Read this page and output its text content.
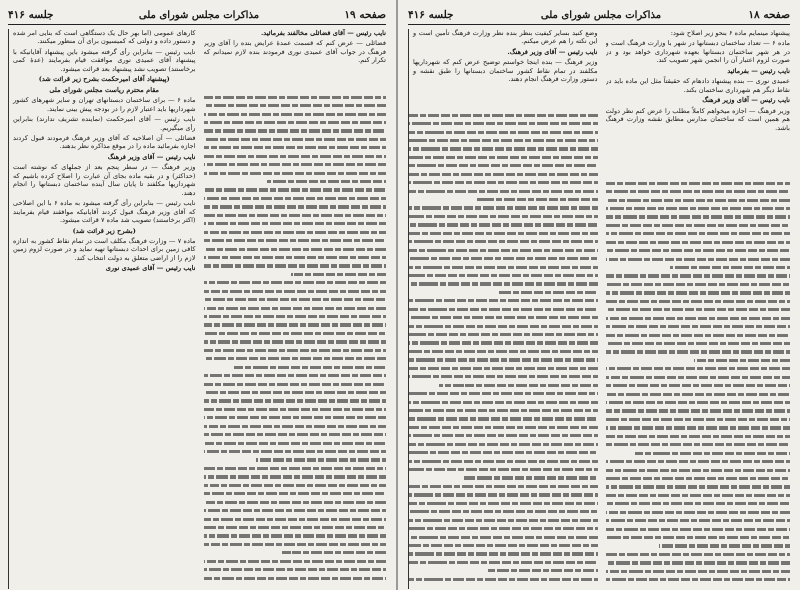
صفحه ۱۹
مذاکرات مجلس شورای ملی
جلسه ۴۱۶

نایب رئیس — آقای فضائلی مخالفند بفرمائید.

فضائلی — عرض کنم که قسمت عمدهٔ عرایض بنده را آقای وزیر فرهنگ در جواب آقای عمیدی نوری فرمودند بنده لازم نمیدانم که تکرار کنم.

کارهای عمومی (اما بهر حال یک دستگاهی است که بنایی امر شده و دستور داده و دولتی که کمیسیون برای آن منظور میکنند.

نایب رئیس — بنابراین رأی گرفته میشود باین پیشنهاد آقایانیکه با پیشنهاد آقای عمیدی نوری موافقت قیام بفرمایند (عدهٔ کمی برخاستند) تصویب نشد پیشنهاد بعد قرائت میشود.

(پیشنهاد آقای امیرحکمت بشرح زیر قرائت شد)

مقام محترم ریاست مجلس شورای ملی

ماده ۶ — برای ساختمان دبستانهای تهران و سایر شهرهای کشور شهرداریها باید اعتبار لازم را در بودجه پیش بینی نمایند.

نایب رئیس — آقای امیرحکمت (نماینده تشریف ندارند) بنابراین رأی میگیریم.

فضائلی — آن اصلاحیه که آقای وزیر فرهنگ فرمودند قبول کردند اجازه بفرمائید ماده را در موقع مذاکره نظر بدهند.

نایب رئیس — آقای وزیر فرهنگ

وزیر فرهنگ — در سطر پنجم بعد از جملهای که نوشته است (حداکثر) و در بقیه ماده بجای آن عبارت را اصلاح کرده باشیم که شهرداریها مکلفند تا پایان سال آینده ساختمان دبستانها را انجام دهند.

نایب رئیس — بنابراین رأی گرفته میشود به ماده ۶ با این اصلاحی که آقای وزیر فرهنگ قبول کردند آقایانیکه موافقند قیام بفرمایند (اکثر برخاستند) تصویب شد ماده ۷ قرائت میشود.

(بشرح زیر قرائت شد)

ماده ۷ — وزارت فرهنگ مکلف است در تمام نقاط کشور به اندازه کافی زمین برای احداث دبستانها تهیه نماید و در صورت لزوم زمین لازم را از اراضی متعلق به دولت انتخاب کند.

نایب رئیس — آقای عمیدی نوری

صفحه ۱۸
مذاکرات مجلس شورای ملی
جلسه ۴۱۶

پیشنهاد مینمایم ماده ۶ بنحو زیر اصلاح شود:

ماده ۶ — تعداد ساختمان دبستانها در شهر با وزارت فرهنگ است و در هر شهر ساختمان دبستانها بعهده شهرداری خواهد بود و در صورت لزوم اعتبار آن را انجمن شهر تصویب کند.

نایب رئیس — بفرمائید

عمیدی نوری — بنده پیشنهاد دادهام که حقیقتاً مثل این ماده باید در نقاط دیگر هم شهرداری ساختمان بکند.

نایب رئیس — آقای وزیر فرهنگ

وزیر فرهنگ — اجازه میخواهم کاملاً مطلب را عرض کنم نظر دولت هم همین است که ساختمان مدارس مطابق نقشه وزارت فرهنگ باشد.

وضع کنید بسایر کیفیت بنظر بنده نظر وزارت فرهنگ تأمین است و این نکته را هم عرض میکنم.

نایب رئیس — آقای وزیر فرهنگ.

وزیر فرهنگ — بنده اینجا خواستم توضیح عرض کنم که شهرداریها مکلفند در تمام نقاط کشور ساختمان دبستانها را طبق نقشه و دستور وزارت فرهنگ انجام دهند.
